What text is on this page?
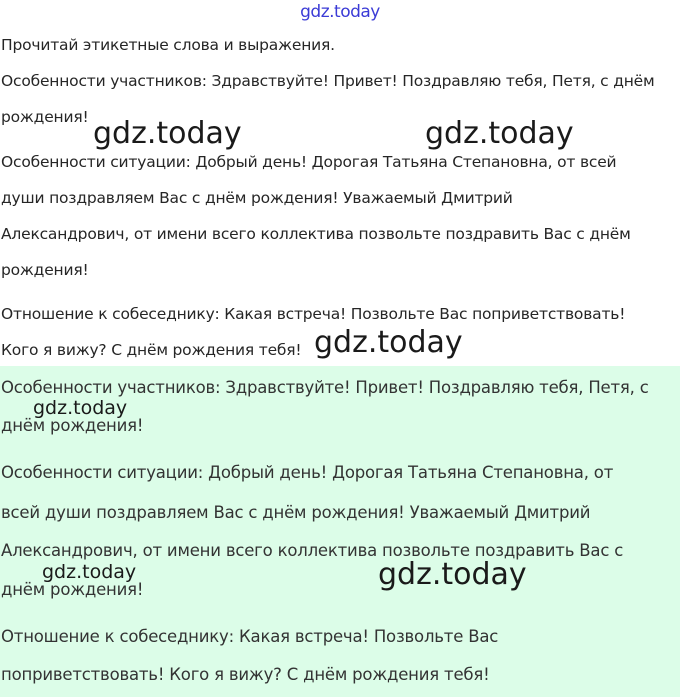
gdz.today
Прочитай этикетные слова и выражения.
Особенности участников: Здравствуйте! Привет! Поздравляю тебя, Петя, с днём
рождения!
Особенности ситуации: Добрый день! Дорогая Татьяна Степановна, от всей
души поздравляем Вас с днём рождения! Уважаемый Дмитрий
Александрович, от имени всего коллектива позвольте поздравить Вас с днём
рождения!
Отношение к собеседнику: Какая встреча! Позвольте Вас поприветствовать!
Кого я вижу? С днём рождения тебя!
Особенности участников: Здравствуйте! Привет! Поздравляю тебя, Петя, с
днём рождения!
Особенности ситуации: Добрый день! Дорогая Татьяна Степановна, от
всей души поздравляем Вас с днём рождения! Уважаемый Дмитрий
Александрович, от имени всего коллектива позвольте поздравить Вас с
днём рождения!
Отношение к собеседнику: Какая встреча! Позвольте Вас
поприветствовать! Кого я вижу? С днём рождения тебя!
gdz.today	gdz.today
gdz.today
gdz.today
gdz.today	gdz.today
